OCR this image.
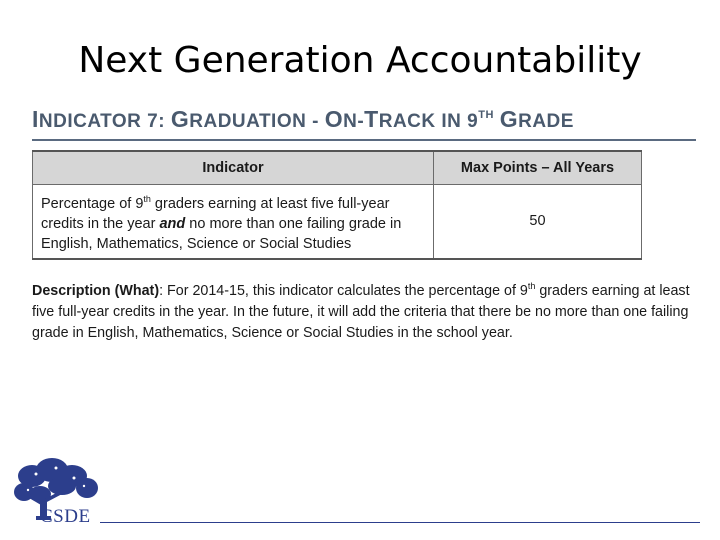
Next Generation Accountability
INDICATOR 7: GRADUATION - ON-TRACK IN 9TH GRADE
Indicator	Max Points – All Years
Percentage of 9th graders earning at least five full-year credits in the year and no more than one failing grade in English, Mathematics, Science or Social Studies	50
Description (What): For 2014-15, this indicator calculates the percentage of 9th graders earning at least five full-year credits in the year. In the future, it will add the criteria that there be no more than one failing grade in English, Mathematics, Science or Social Studies in the school year.
CSDE
